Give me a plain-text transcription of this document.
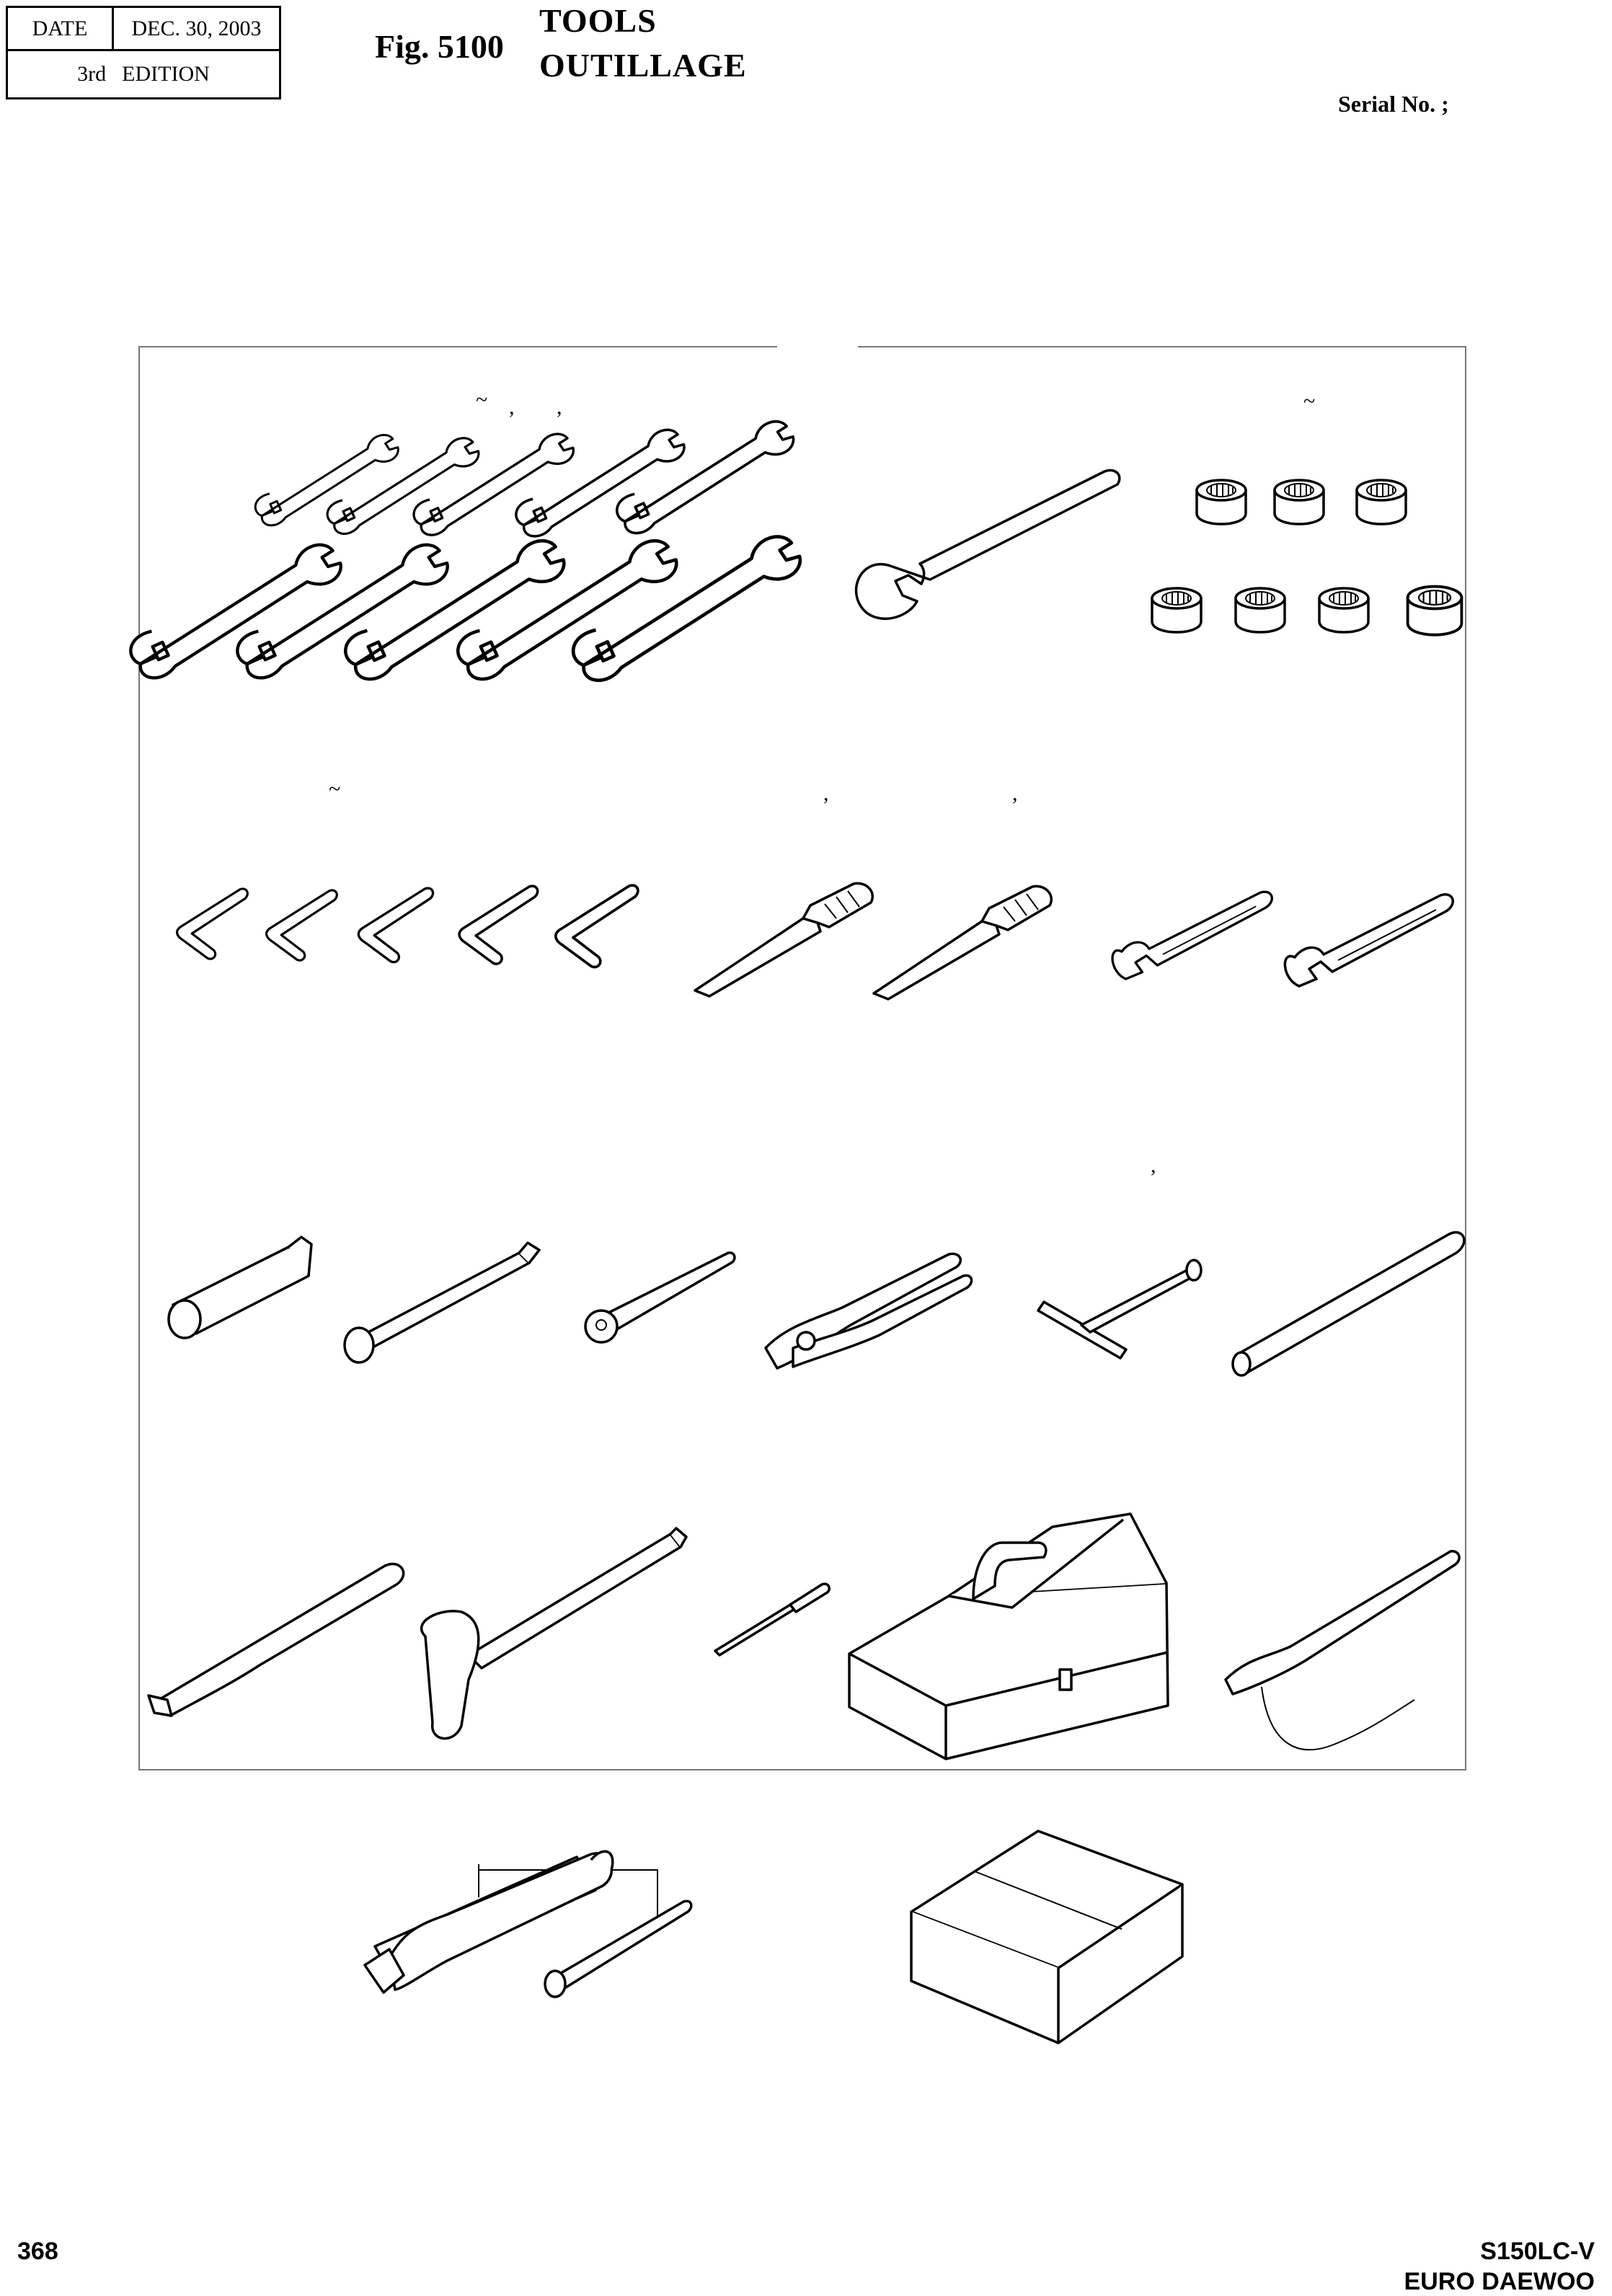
DATE	DEC. 30, 2003
3rd EDITION
Fig. 5100
TOOLS
OUTILLAGE
Serial No. ;
~ , ,	~
~	,	,
,
368	S150LC-V
EURO DAEWOO
